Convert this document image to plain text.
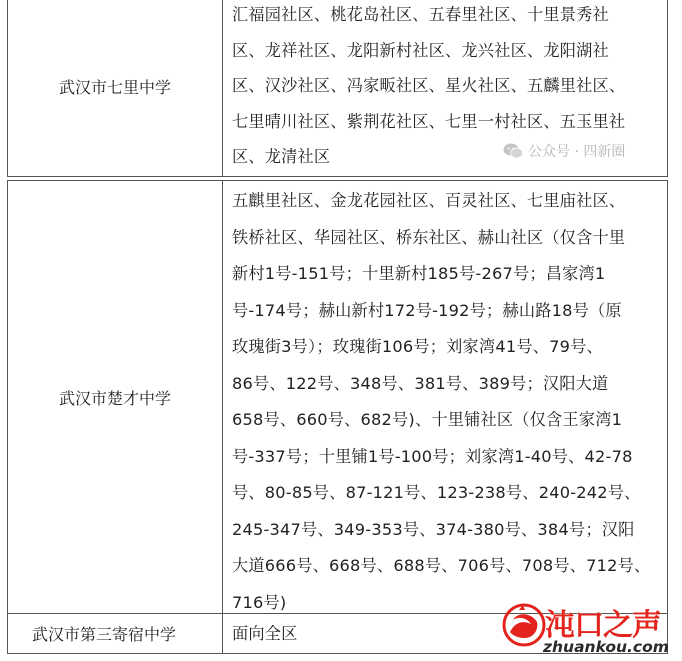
武汉市七里中学
汇福园社区、桃花岛社区、五春里社区、十里景秀社
区、龙祥社区、龙阳新村社区、龙兴社区、龙阳湖社
区、汉沙社区、冯家畈社区、星火社区、五麟里社区、
七里晴川社区、紫荆花社区、七里一村社区、五玉里社
区、龙清社区
武汉市楚才中学
五麒里社区、金龙花园社区、百灵社区、七里庙社区、
铁桥社区、华园社区、桥东社区、赫山社区（仅含十里
新村1号-151号；十里新村185号-267号；昌家湾1
号-174号；赫山新村172号-192号；赫山路18号（原
玫瑰街3号）；玫瑰街106号；刘家湾41号、79号、
86号、122号、348号、381号、389号；汉阳大道
658号、660号、682号)、十里铺社区（仅含王家湾1
号-337号；十里铺1号-100号；刘家湾1-40号、42-78
号、80-85号、87-121号、123-238号、240-242号、
245-347号、349-353号、374-380号、384号；汉阳
大道666号、668号、688号、706号、708号、712号、
716号)
武汉市第三寄宿中学	面向全区
公众号 · 四新圈
沌口之声
zhuankou.com
